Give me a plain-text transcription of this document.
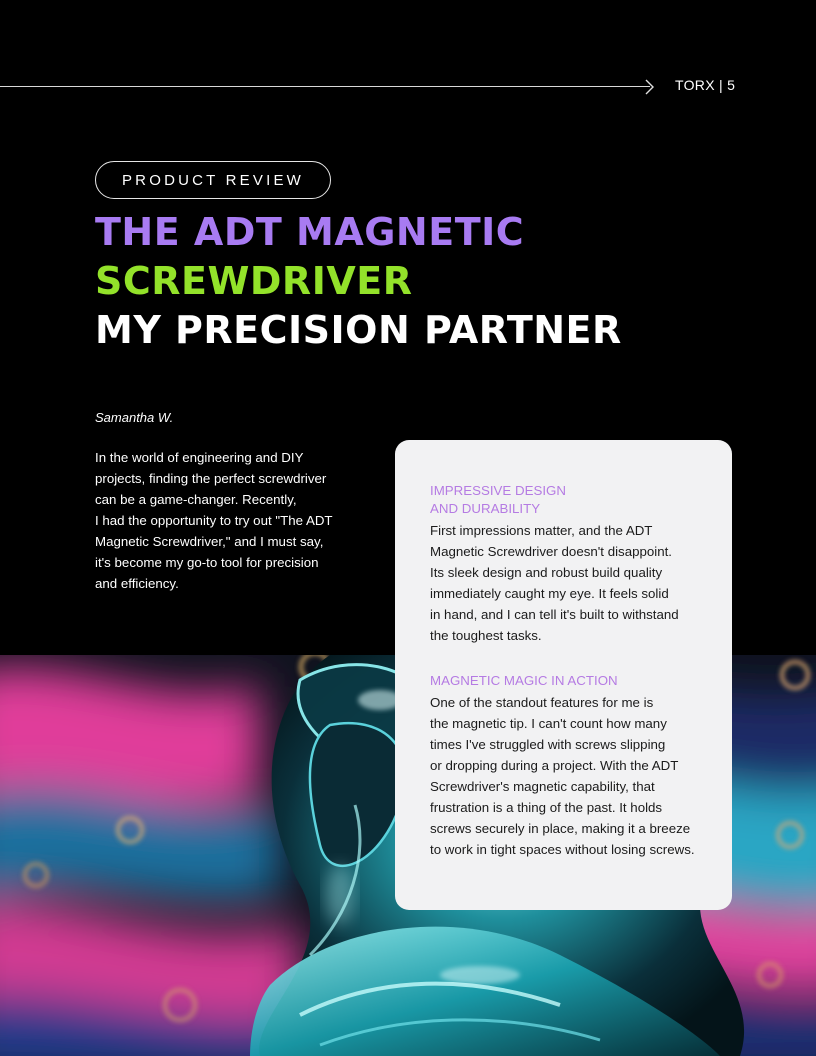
TORX | 5
PRODUCT REVIEW
THE ADT MAGNETIC
SCREWDRIVER
MY PRECISION PARTNER
Samantha W.
In the world of engineering and DIY
projects, finding the perfect screwdriver
can be a game-changer. Recently,
I had the opportunity to try out "The ADT
Magnetic Screwdriver," and I must say,
it's become my go-to tool for precision
and efficiency.
IMPRESSIVE DESIGN
AND DURABILITY
First impressions matter, and the ADT
Magnetic Screwdriver doesn't disappoint.
Its sleek design and robust build quality
immediately caught my eye. It feels solid
in hand, and I can tell it's built to withstand
the toughest tasks.
MAGNETIC MAGIC IN ACTION
One of the standout features for me is
the magnetic tip. I can't count how many
times I've struggled with screws slipping
or dropping during a project. With the ADT
Screwdriver's magnetic capability, that
frustration is a thing of the past. It holds
screws securely in place, making it a breeze
to work in tight spaces without losing screws.
